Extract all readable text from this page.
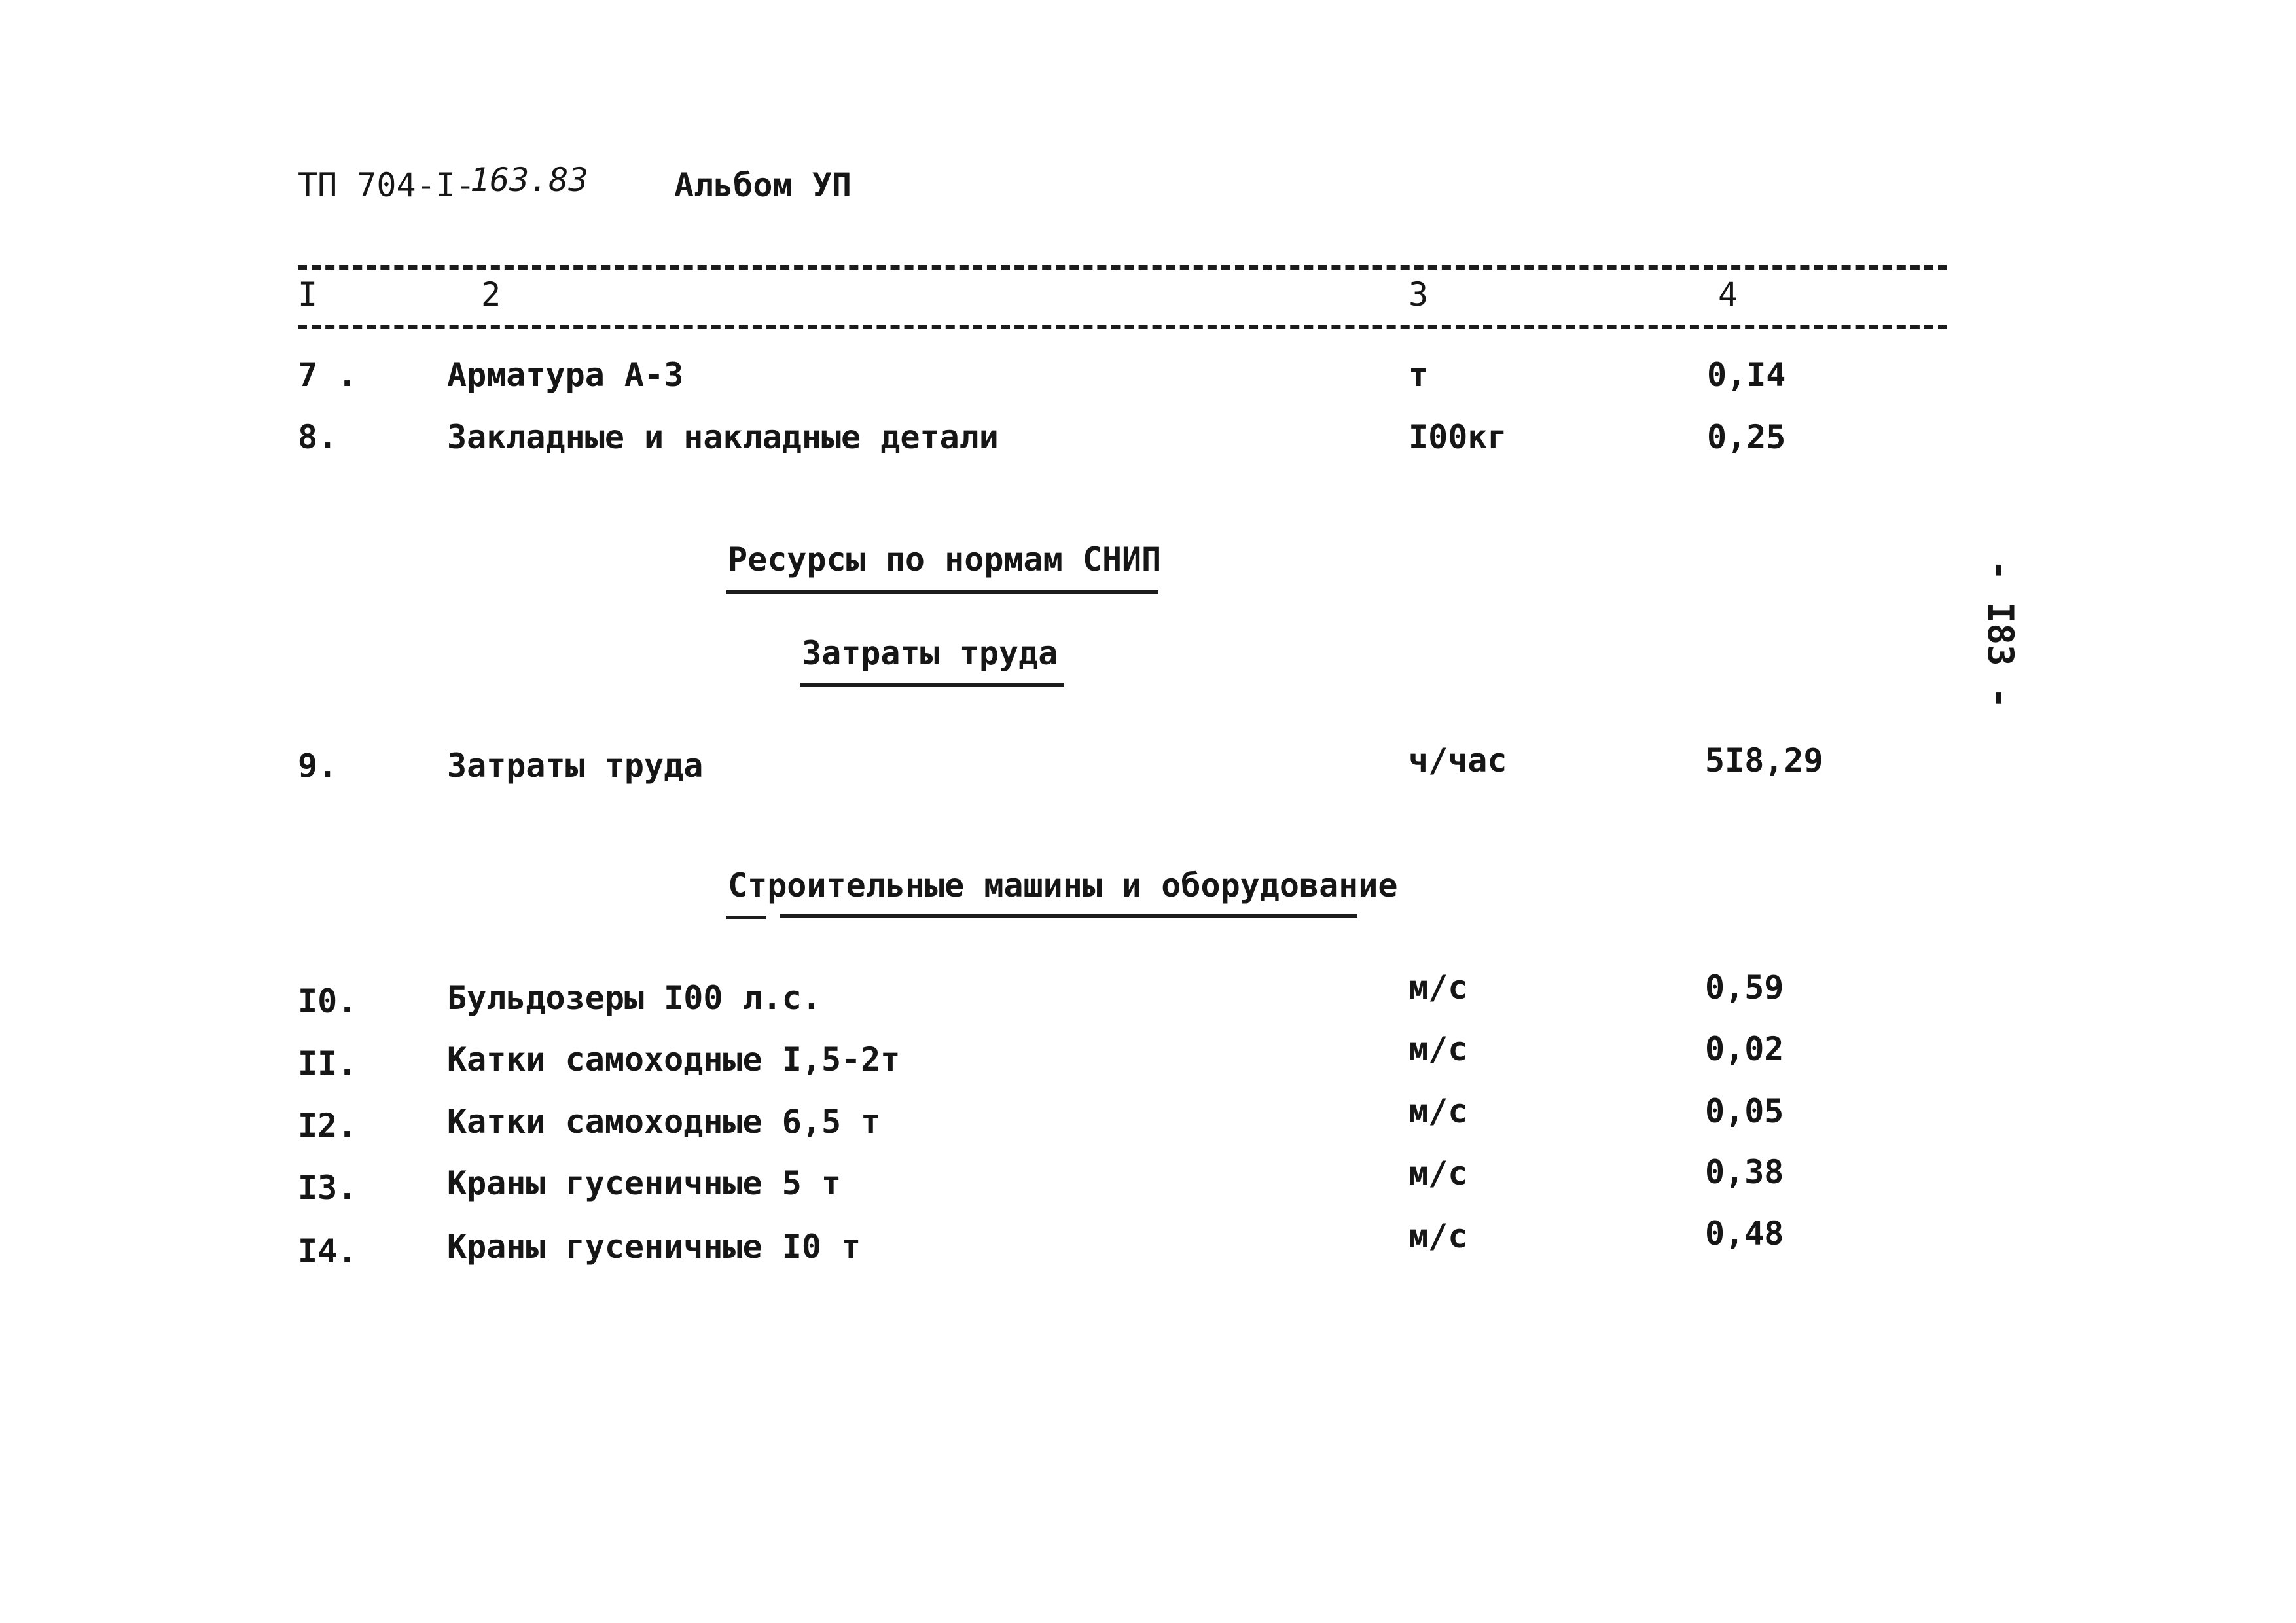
ТП 704-I-
163.83	Альбом УП
I	2	3	4
7 .	Арматура А-3	т	0,I4
8.	Закладные и накладные детали	I00кг	0,25
Ресурсы по нормам СНИП
Затраты труда
9.	Затраты труда	ч/час	5I8,29
Строительные машины и оборудование
I0.	Бульдозеры I00 л.с.	м/с	0,59
II.	Катки самоходные I,5-2т	м/с	0,02
I2.	Катки самоходные 6,5 т	м/с	0,05
I3.	Краны гусеничные 5 т	м/с	0,38
I4.	Краны гусеничные I0 т	м/с	0,48
- I83 -
